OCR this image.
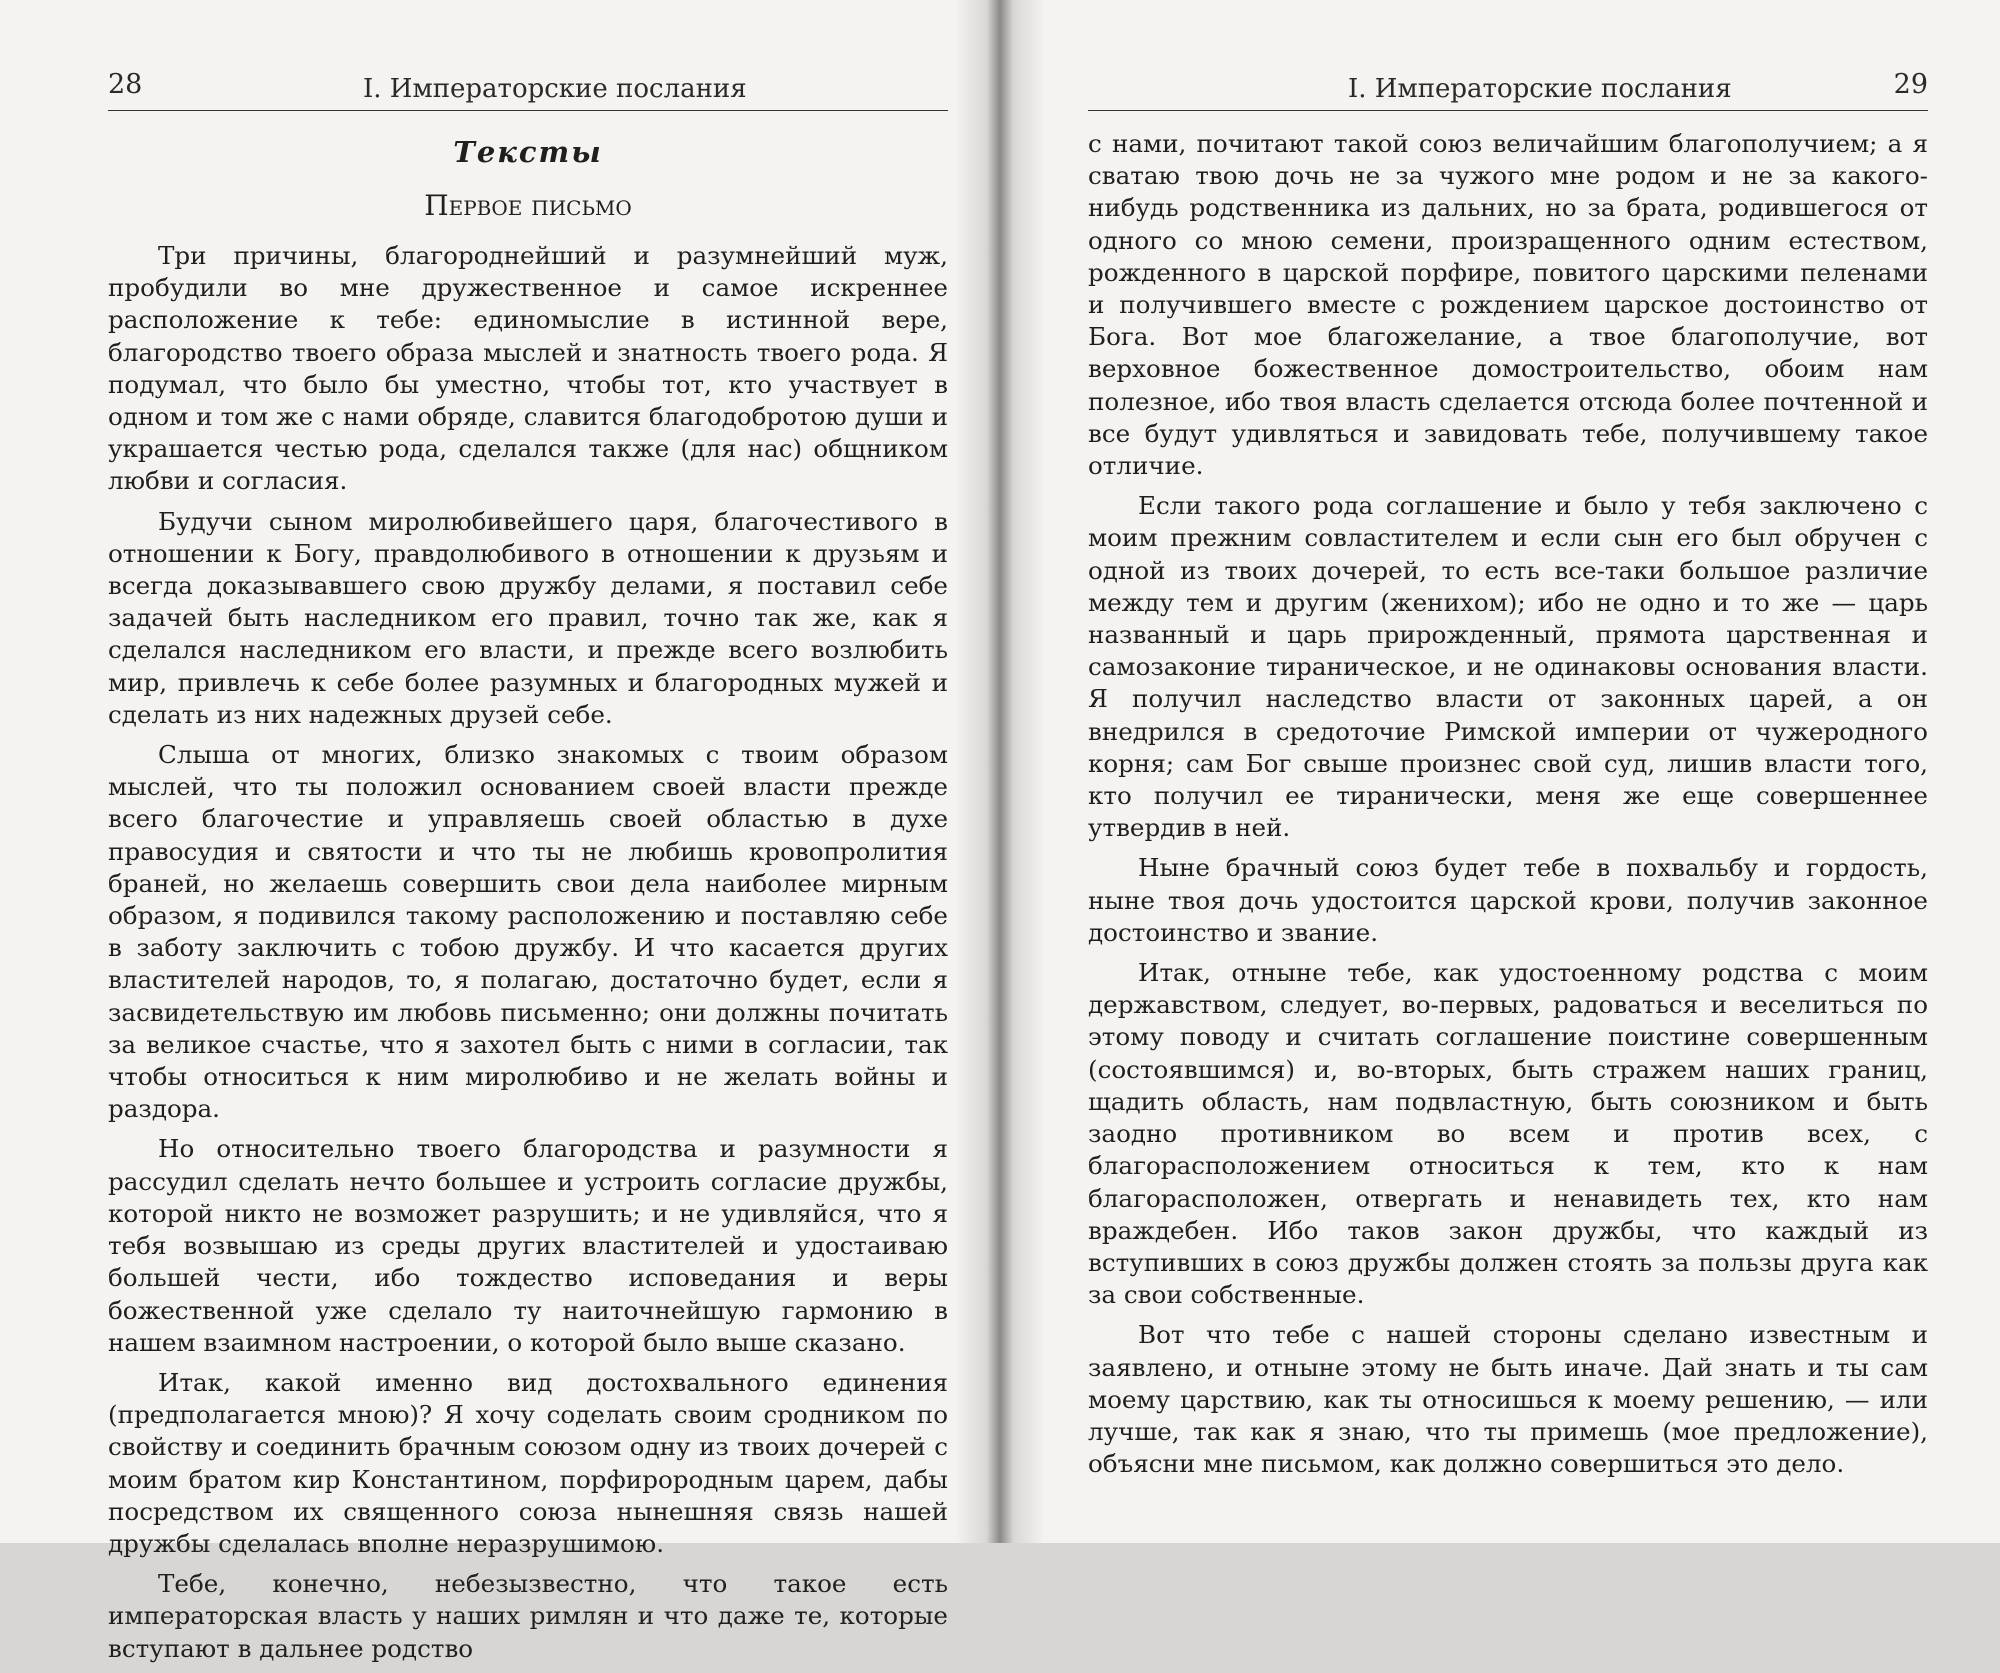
28	I. Императорские послания
Тексты
Первое письмо

Три причины, благороднейший и разумнейший муж, пробудили во мне дружественное и самое искреннее расположение к тебе: единомыслие в истинной вере, благородство твоего образа мыслей и знатность твоего рода. Я подумал, что было бы уместно, чтобы тот, кто участвует в одном и том же с нами обряде, славится благодобротою души и украшается честью рода, сделался также (для нас) общником любви и согласия.

Будучи сыном миролюбивейшего царя, благочестивого в отношении к Богу, правдолюбивого в отношении к друзьям и всегда доказывавшего свою дружбу делами, я поставил себе задачей быть наследником его правил, точно так же, как я сделался наследником его власти, и прежде всего возлюбить мир, привлечь к себе более разумных и благородных мужей и сделать из них надежных друзей себе.

Слыша от многих, близко знакомых с твоим образом мыслей, что ты положил основанием своей власти прежде всего благочестие и управляешь своей областью в духе правосудия и святости и что ты не любишь кровопролития браней, но желаешь совершить свои дела наиболее мирным образом, я подивился такому расположению и поставляю себе в заботу заключить с тобою дружбу. И что касается других властителей народов, то, я полагаю, достаточно будет, если я засвидетельствую им любовь письменно; они должны почитать за великое счастье, что я захотел быть с ними в согласии, так чтобы относиться к ним миролюбиво и не желать войны и раздора.

Но относительно твоего благородства и разумности я рассудил сделать нечто большее и устроить согласие дружбы, которой никто не возможет разрушить; и не удивляйся, что я тебя возвышаю из среды других властителей и удостаиваю большей чести, ибо тождество исповедания и веры божественной уже сделало ту наиточнейшую гармонию в нашем взаимном настроении, о которой было выше сказано.

Итак, какой именно вид достохвального единения (предполагается мною)? Я хочу соделать своим сродником по свойству и соединить брачным союзом одну из твоих дочерей с моим братом кир Константином, порфирородным царем, дабы посредством их священного союза нынешняя связь нашей дружбы сделалась вполне неразрушимою.

Тебе, конечно, небезызвестно, что такое есть императорская власть у наших римлян и что даже те, которые вступают в дальнее родство

I. Императорские послания	29

с нами, почитают такой союз величайшим благополучием; а я сватаю твою дочь не за чужого мне родом и не за какого-нибудь родственника из дальних, но за брата, родившегося от одного со мною семени, произращенного одним естеством, рожденного в царской порфире, повитого царскими пеленами и получившего вместе с рождением царское достоинство от Бога. Вот мое благожелание, а твое благополучие, вот верховное божественное домостроительство, обоим нам полезное, ибо твоя власть сделается отсюда более почтенной и все будут удивляться и завидовать тебе, получившему такое отличие.

Если такого рода соглашение и было у тебя заключено с моим прежним совластителем и если сын его был обручен с одной из твоих дочерей, то есть все-таки большое различие между тем и другим (женихом); ибо не одно и то же — царь названный и царь прирожденный, прямота царственная и самозаконие тираническое, и не одинаковы основания власти. Я получил наследство власти от законных царей, а он внедрился в средоточие Римской империи от чужеродного корня; сам Бог свыше произнес свой суд, лишив власти того, кто получил ее тиранически, меня же еще совершеннее утвердив в ней.

Ныне брачный союз будет тебе в похвальбу и гордость, ныне твоя дочь удостоится царской крови, получив законное достоинство и звание.

Итак, отныне тебе, как удостоенному родства с моим державством, следует, во-первых, радоваться и веселиться по этому поводу и считать соглашение поистине совершенным (состоявшимся) и, во-вторых, быть стражем наших границ, щадить область, нам подвластную, быть союзником и быть заодно противником во всем и против всех, с благорасположением относиться к тем, кто к нам благорасположен, отвергать и ненавидеть тех, кто нам враждебен. Ибо таков закон дружбы, что каждый из вступивших в союз дружбы должен стоять за пользы друга как за свои собственные.

Вот что тебе с нашей стороны сделано известным и заявлено, и отныне этому не быть иначе. Дай знать и ты сам моему царствию, как ты относишься к моему решению, — или лучше, так как я знаю, что ты примешь (мое предложение), объясни мне письмом, как должно совершиться это дело.
